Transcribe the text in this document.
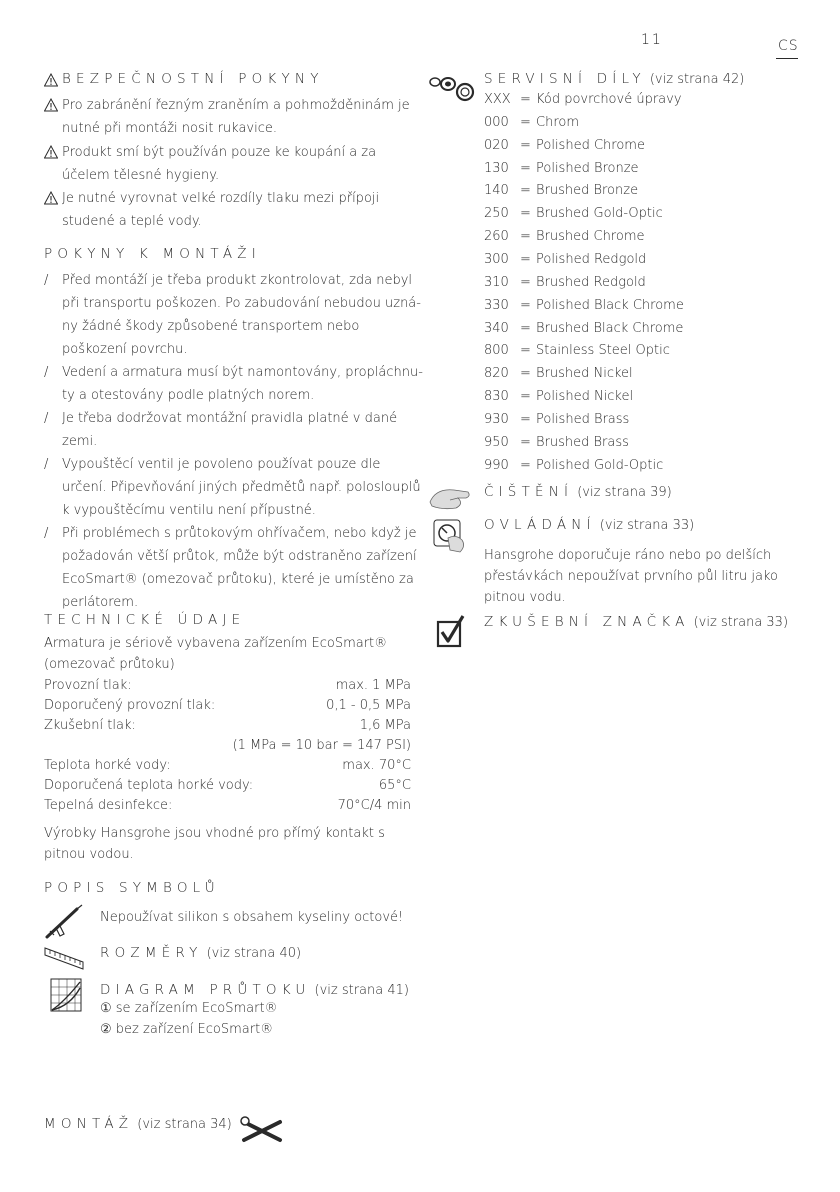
11	CS
BEZPEČNOSTNÍ POKYNY
Pro zabránění řezným zraněním a pohmožděninám je nutné při montáži nosit rukavice.
Produkt smí být používán pouze ke koupání a za účelem tělesné hygieny.
Je nutné vyrovnat velké rozdíly tlaku mezi přípoji studené a teplé vody.
POKYNY K MONTÁŽI
/ Před montáží je třeba produkt zkontrolovat, zda nebyl
při transportu poškozen. Po zabudování nebudou uzná-
ny žádné škody způsobené transportem nebo
poškození povrchu.
/ Vedení a armatura musí být namontovány, propláchnu-
ty a otestovány podle platných norem.
/ Je třeba dodržovat montážní pravidla platné v dané
zemi.
/ Vypouštěcí ventil je povoleno používat pouze dle
určení. Připevňování jiných předmětů např. poloslouplů
k vypouštěcímu ventilu není přípustné.
/ Při problémech s průtokovým ohřívačem, nebo když je
požadován větší průtok, může být odstraněno zařízení
EcoSmart® (omezovač průtoku), které je umístěno za
perlátorem.
TECHNICKÉ ÚDAJE
Armatura je sériově vybavena zařízením EcoSmart®
(omezovač průtoku)
Provozní tlak:	max. 1 MPa
Doporučený provozní tlak:	0,1 - 0,5 MPa
Zkušební tlak:	1,6 MPa
(1 MPa = 10 bar = 147 PSI)
Teplota horké vody:	max. 70°C
Doporučená teplota horké vody:	65°C
Tepelná desinfekce:	70°C/4 min
Výrobky Hansgrohe jsou vhodné pro přímý kontakt s
pitnou vodou.
POPIS SYMBOLŮ
Nepoužívat silikon s obsahem kyseliny octové!
ROZMĚRY (viz strana 40)
DIAGRAM PRŮTOKU (viz strana 41)
① se zařízením EcoSmart®
② bez zařízení EcoSmart®
MONTÁŽ (viz strana 34)
SERVISNÍ DÍLY (viz strana 42)
XXX = Kód povrchové úpravy
000 = Chrom
020 = Polished Chrome
130 = Polished Bronze
140 = Brushed Bronze
250 = Brushed Gold-Optic
260 = Brushed Chrome
300 = Polished Redgold
310 = Brushed Redgold
330 = Polished Black Chrome
340 = Brushed Black Chrome
800 = Stainless Steel Optic
820 = Brushed Nickel
830 = Polished Nickel
930 = Polished Brass
950 = Brushed Brass
990 = Polished Gold-Optic
ČIŠTĚNÍ (viz strana 39)
OVLÁDÁNÍ (viz strana 33)
Hansgrohe doporučuje ráno nebo po delších
přestávkách nepoužívat prvního půl litru jako
pitnou vodu.
ZKUŠEBNÍ ZNAČKA (viz strana 33)
